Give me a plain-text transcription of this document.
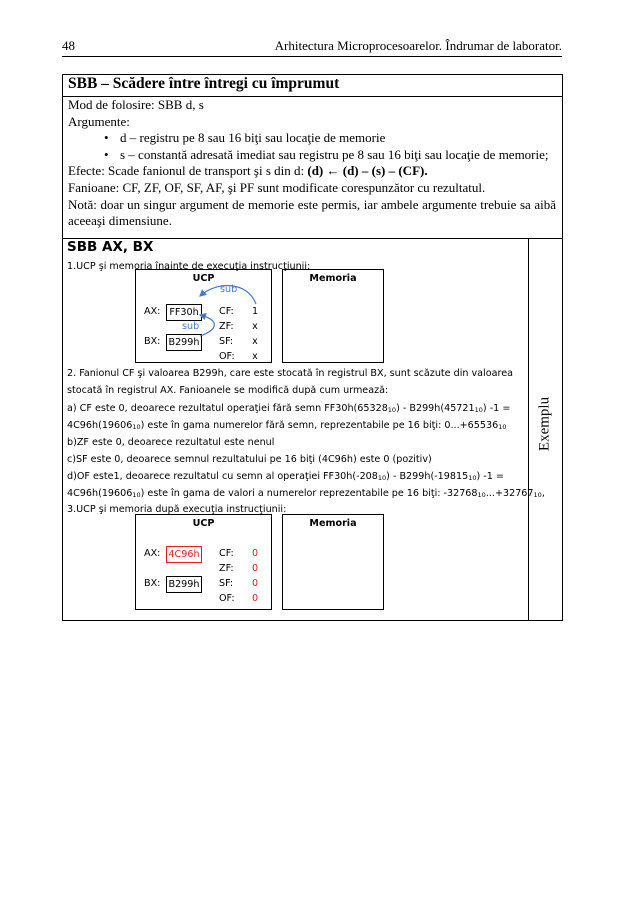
48	Arhitectura Microprocesoarelor. Îndrumar de laborator.
SBB – Scădere între întregi cu împrumut
Mod de folosire: SBB d, s
Argumente:
• d – registru pe 8 sau 16 biţi sau locaţie de memorie
• s – constantă adresată imediat sau registru pe 8 sau 16 biţi sau locaţie de memorie;
Efecte: Scade fanionul de transport şi s din d: (d) ← (d) – (s) – (CF).
Fanioane: CF, ZF, OF, SF, AF, şi PF sunt modificate corespunzător cu rezultatul.
Notă: doar un singur argument de memorie este permis, iar ambele argumente trebuie sa aibă aceeaşi dimensiune.
Exemplu
SBB AX, BX
1.UCP şi memoria înainte de execuţia instrucţiunii:
UCP
AX: FF30h
BX: B299h
CF:	1
ZF:	x
SF:	x
OF:	x
sub
sub
Memoria
2. Fanionul CF şi valoarea B299h, care este stocată în registrul BX, sunt scăzute din valoarea
stocată în registrul AX. Fanioanele se modifică după cum urmează:
a) CF este 0, deoarece rezultatul operaţiei fără semn $FF30h(65328_{10}) - B299h(45721_{10}) -1$ =
$4C96h(19606_{10})$ este în gama numerelor fără semn, reprezentabile pe 16 biţi: $0...+65536_{10}$
b)ZF este 0, deoarece rezultatul este nenul
c)SF este 0, deoarece semnul rezultatului pe 16 biţi (4C96h) este 0 (pozitiv)
d)OF este1, deoarece rezultatul cu semn al operaţiei $FF30h(-208_{10}) - B299h(-19815_{10}) -1$ =
$4C96h(19606_{10})$ este în gama de valori a numerelor reprezentabile pe 16 biţi: $-32768_{10}...+32767_{10}$,
3.UCP şi memoria după execuţia instrucţiunii:
UCP
AX: 4C96h
BX: B299h
CF:	0
ZF:	0
SF:	0
OF:	0
Memoria
